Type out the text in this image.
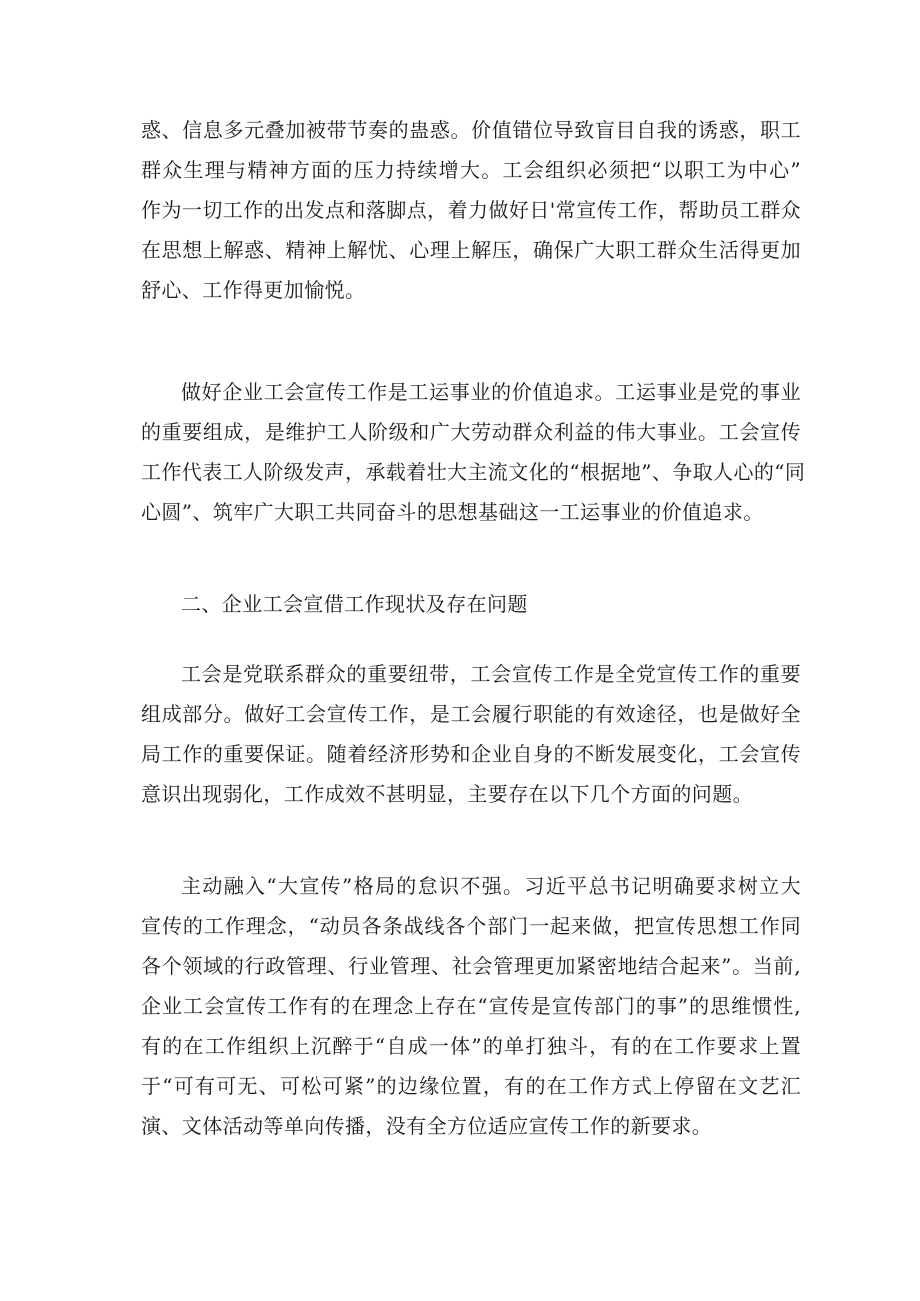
惑、信息多元叠加被带节奏的蛊惑。价值错位导致盲目自我的诱惑，职工
群众生理与精神方面的压力持续增大。工会组织必须把“以职工为中心”
作为一切工作的出发点和落脚点，着力做好日'常宣传工作，帮助员工群众
在思想上解惑、精神上解忧、心理上解压，确保广大职工群众生活得更加
舒心、工作得更加愉悦。
做好企业工会宣传工作是工运事业的价值追求。工运事业是党的事业
的重要组成，是维护工人阶级和广大劳动群众利益的伟大事业。工会宣传
工作代表工人阶级发声，承载着壮大主流文化的“根据地”、争取人心的“同
心圆”、筑牢广大职工共同奋斗的思想基础这一工运事业的价值追求。
二、企业工会宣借工作现状及存在问题
工会是党联系群众的重要纽带，工会宣传工作是全党宣传工作的重要
组成部分。做好工会宣传工作，是工会履行职能的有效途径，也是做好全
局工作的重要保证。随着经济形势和企业自身的不断发展变化，工会宣传
意识出现弱化，工作成效不甚明显，主要存在以下几个方面的问题。
主动融入“大宣传”格局的怠识不强。习近平总书记明确要求树立大
宣传的工作理念，“动员各条战线各个部门一起来做，把宣传思想工作同
各个领域的行政管理、行业管理、社会管理更加紧密地结合起来”。当前,
企业工会宣传工作有的在理念上存在“宣传是宣传部门的事”的思维惯性,
有的在工作组织上沉醉于“自成一体”的单打独斗，有的在工作要求上置
于“可有可无、可松可紧”的边缘位置，有的在工作方式上停留在文艺汇
演、文体活动等单向传播，没有全方位适应宣传工作的新要求。
